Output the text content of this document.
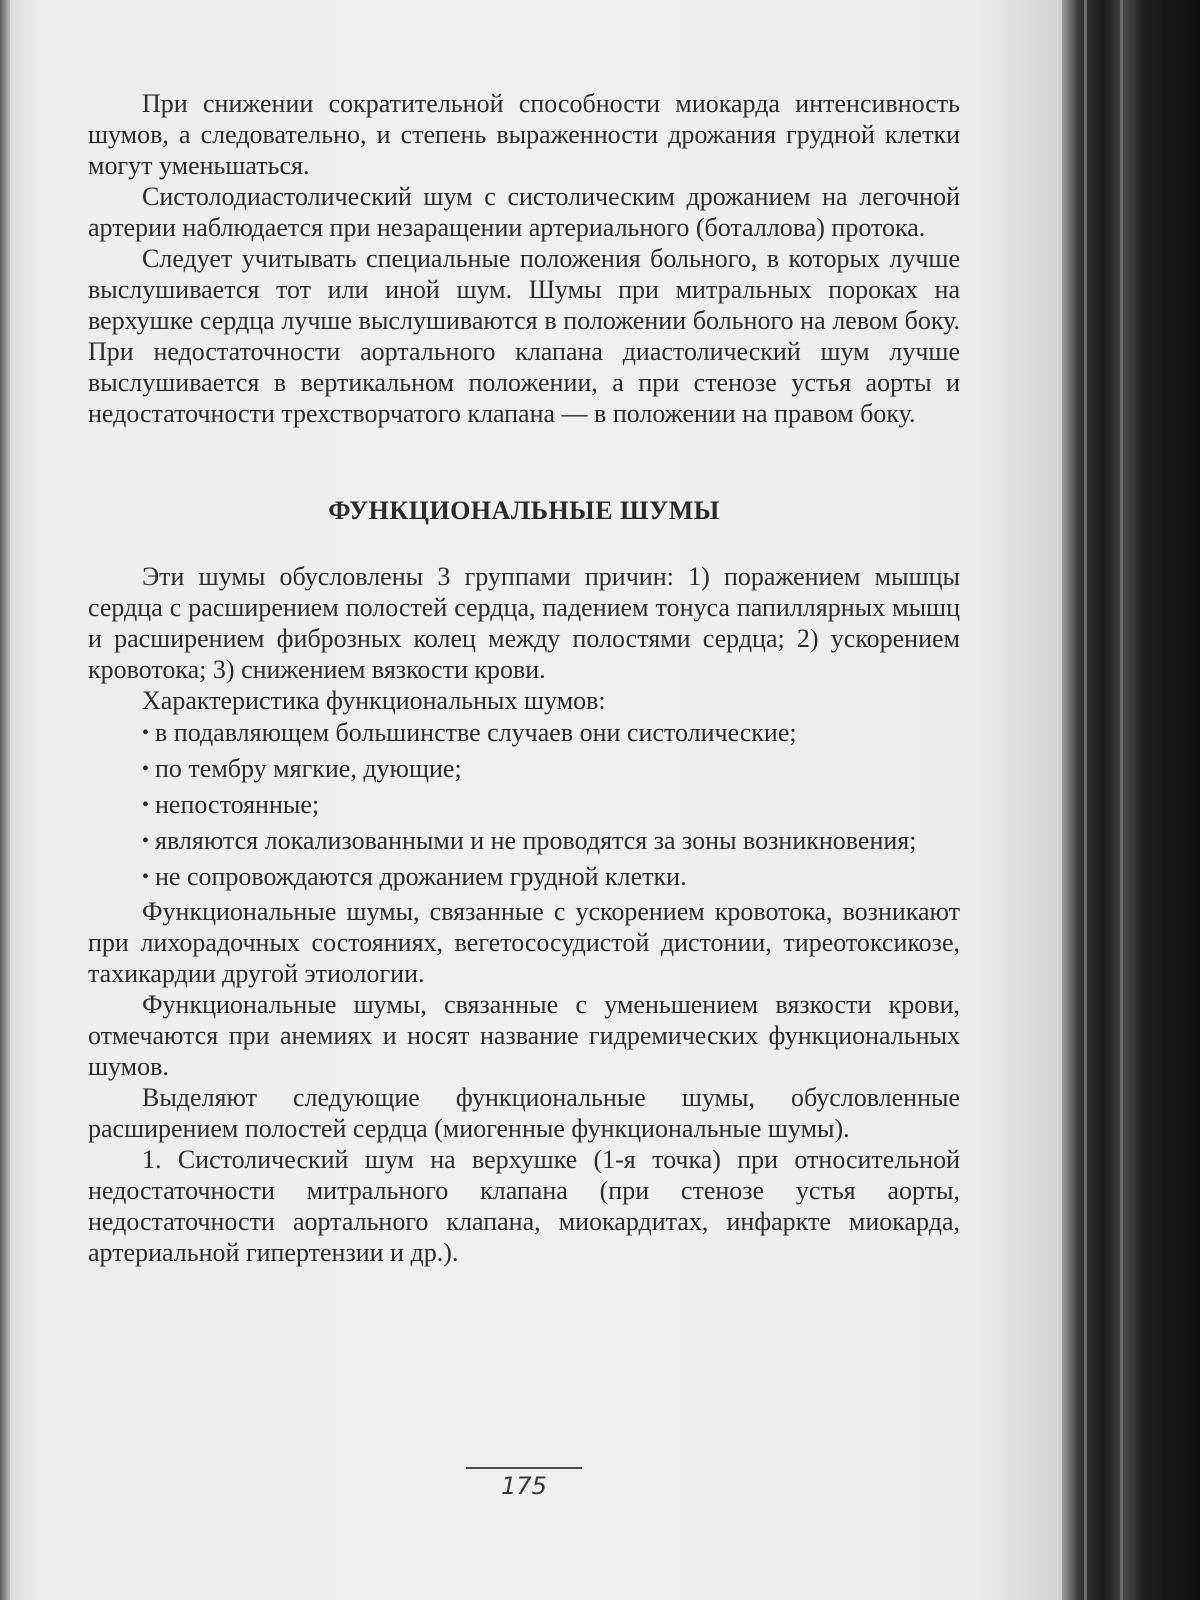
При снижении сократительной способности миокарда интенсивность шумов, а следовательно, и степень выраженности дрожания грудной клетки могут уменьшаться.

Систолодиастолический шум с систолическим дрожанием на легочной артерии наблюдается при незаращении артериального (боталлова) протока.

Следует учитывать специальные положения больного, в которых лучше выслушивается тот или иной шум. Шумы при митральных пороках на верхушке сердца лучше выслушиваются в положении больного на левом боку. При недостаточности аортального клапана диастолический шум лучше выслушивается в вертикальном положении, а при стенозе устья аорты и недостаточности трехстворчатого клапана — в положении на правом боку.

ФУНКЦИОНАЛЬНЫЕ ШУМЫ

Эти шумы обусловлены 3 группами причин: 1) поражением мышцы сердца с расширением полостей сердца, падением тонуса папиллярных мышц и расширением фиброзных колец между полостями сердца; 2) ускорением кровотока; 3) снижением вязкости крови.

Характеристика функциональных шумов:

• в подавляющем большинстве случаев они систолические;

• по тембру мягкие, дующие;

• непостоянные;

• являются локализованными и не проводятся за зоны возникновения;

• не сопровождаются дрожанием грудной клетки.

Функциональные шумы, связанные с ускорением кровотока, возникают при лихорадочных состояниях, вегетососудистой дистонии, тиреотоксикозе, тахикардии другой этиологии.

Функциональные шумы, связанные с уменьшением вязкости крови, отмечаются при анемиях и носят название гидремических функциональных шумов.

Выделяют следующие функциональные шумы, обусловленные расширением полостей сердца (миогенные функциональные шумы).

1. Систолический шум на верхушке (1-я точка) при относительной недостаточности митрального клапана (при стенозе устья аорты, недостаточности аортального клапана, миокардитах, инфаркте миокарда, артериальной гипертензии и др.).

175
